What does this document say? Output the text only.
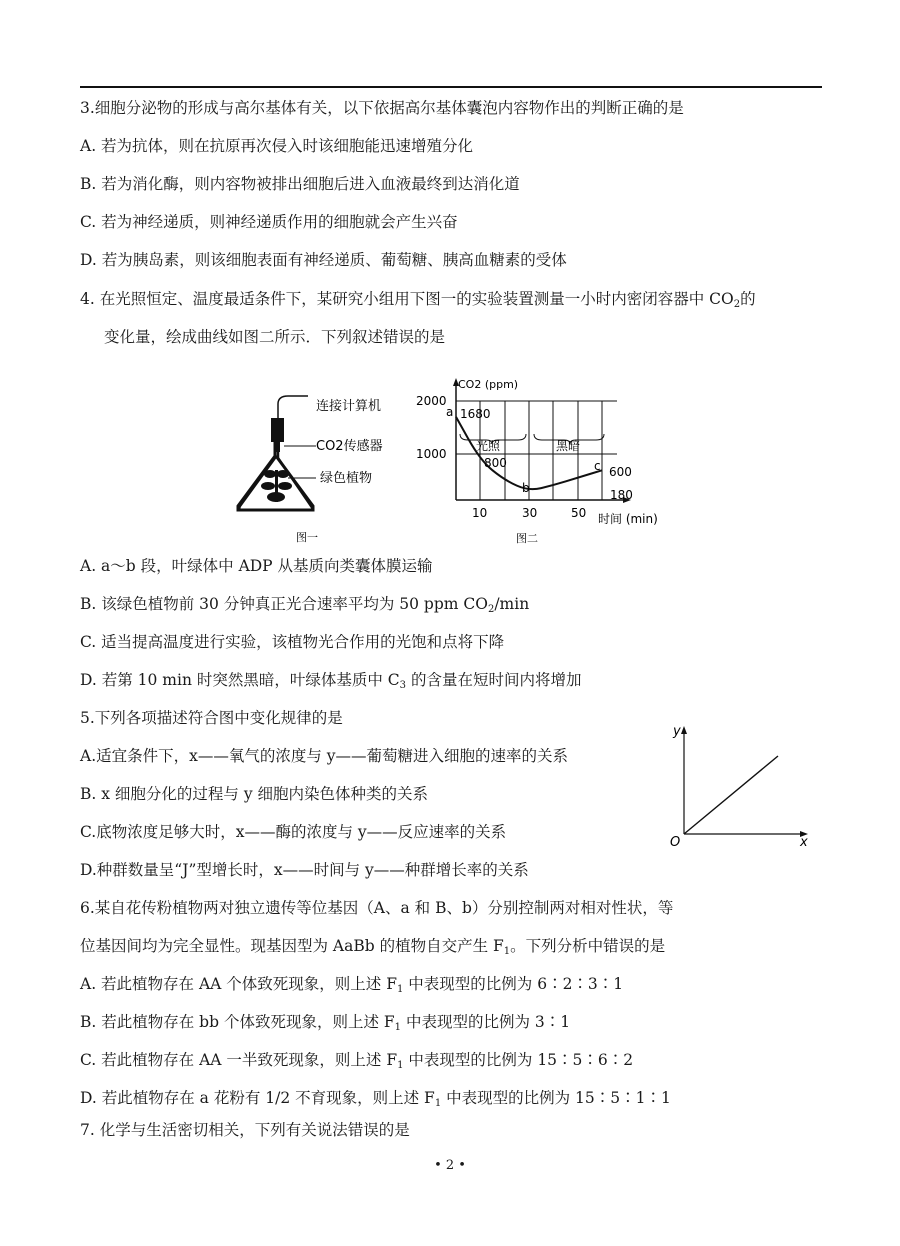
3.细胞分泌物的形成与高尔基体有关，以下依据高尔基体囊泡内容物作出的判断正确的是
A. 若为抗体，则在抗原再次侵入时该细胞能迅速增殖分化
B. 若为消化酶，则内容物被排出细胞后进入血液最终到达消化道
C. 若为神经递质，则神经递质作用的细胞就会产生兴奋
D. 若为胰岛素，则该细胞表面有神经递质、葡萄糖、胰高血糖素的受体
4. 在光照恒定、温度最适条件下，某研究小组用下图一的实验装置测量一小时内密闭容器中 $CO_2$的
变化量，绘成曲线如图二所示．下列叙述错误的是
连接计算机
CO2传感器
绿色植物
图一
CO2 (ppm)
2000
1000
10	30	50 时间 (min)
a 1680
800
b
c 600
180
光照	黑暗
图二
A. a～b 段，叶绿体中 ADP 从基质向类囊体膜运输
B. 该绿色植物前 30 分钟真正光合速率平均为 50 ppm $CO_2/\min$
C. 适当提高温度进行实验，该植物光合作用的光饱和点将下降
D. 若第 10 min 时突然黑暗，叶绿体基质中 $C_3$ 的含量在短时间内将增加
5.下列各项描述符合图中变化规律的是
A.适宜条件下，x——氧气的浓度与 y——葡萄糖进入细胞的速率的关系
B. x 细胞分化的过程与 y 细胞内染色体种类的关系
C.底物浓度足够大时，x——酶的浓度与 y——反应速率的关系
D.种群数量呈“J”型增长时，x——时间与 y——种群增长率的关系
y
x
O
6.某自花传粉植物两对独立遗传等位基因（A、a 和 B、b）分别控制两对相对性状，等
位基因间均为完全显性。现基因型为 AaBb 的植物自交产生 $F_1$。下列分析中错误的是
A. 若此植物存在 AA 个体致死现象，则上述 $F_1$ 中表现型的比例为 6∶2∶3∶1
B. 若此植物存在 bb 个体致死现象，则上述 $F_1$ 中表现型的比例为 3∶1
C. 若此植物存在 AA 一半致死现象，则上述 $F_1$ 中表现型的比例为 15∶5∶6∶2
D. 若此植物存在 a 花粉有 1/2 不育现象，则上述 $F_1$ 中表现型的比例为 15∶5∶1∶1
7. 化学与生活密切相关，下列有关说法错误的是
• 2 •
